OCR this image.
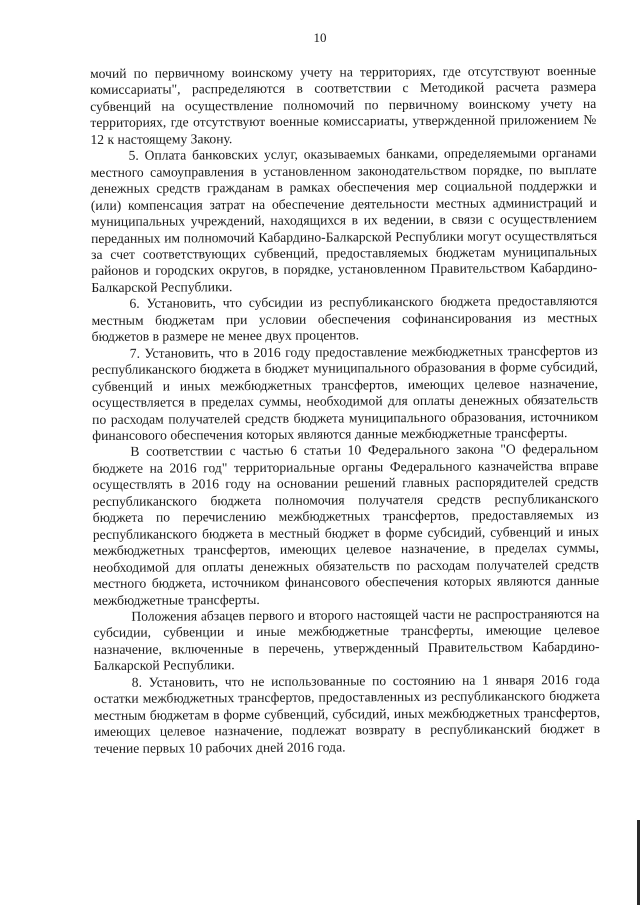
10

мочий по первичному воинскому учету на территориях, где отсутствуют военные комиссариаты", распределяются в соответствии с Методикой расчета размера субвенций на осуществление полномочий по первичному воинскому учету на территориях, где отсутствуют военные комиссариаты, утвержденной приложением № 12 к настоящему Закону.

5. Оплата банковских услуг, оказываемых банками, определяемыми органами местного самоуправления в установленном законодательством порядке, по выплате денежных средств гражданам в рамках обеспечения мер социальной поддержки и (или) компенсация затрат на обеспечение деятельности местных администраций и муниципальных учреждений, находящихся в их ведении, в связи с осуществлением переданных им полномочий Кабардино-Балкарской Республики могут осуществляться за счет соответствующих субвенций, предоставляемых бюджетам муниципальных районов и городских округов, в порядке, установленном Правительством Кабардино-Балкарской Республики.

6. Установить, что субсидии из республиканского бюджета предоставляются местным бюджетам при условии обеспечения софинансирования из местных бюджетов в размере не менее двух процентов.

7. Установить, что в 2016 году предоставление межбюджетных трансфертов из республиканского бюджета в бюджет муниципального образования в форме субсидий, субвенций и иных межбюджетных трансфертов, имеющих целевое назначение, осуществляется в пределах суммы, необходимой для оплаты денежных обязательств по расходам получателей средств бюджета муниципального образования, источником финансового обеспечения которых являются данные межбюджетные трансферты.

В соответствии с частью 6 статьи 10 Федерального закона "О федеральном бюджете на 2016 год" территориальные органы Федерального казначейства вправе осуществлять в 2016 году на основании решений главных распорядителей средств республиканского бюджета полномочия получателя средств республиканского бюджета по перечислению межбюджетных трансфертов, предоставляемых из республиканского бюджета в местный бюджет в форме субсидий, субвенций и иных межбюджетных трансфертов, имеющих целевое назначение, в пределах суммы, необходимой для оплаты денежных обязательств по расходам получателей средств местного бюджета, источником финансового обеспечения которых являются данные межбюджетные трансферты.

Положения абзацев первого и второго настоящей части не распространяются на субсидии, субвенции и иные межбюджетные трансферты, имеющие целевое назначение, включенные в перечень, утвержденный Правительством Кабардино-Балкарской Республики.

8. Установить, что не использованные по состоянию на 1 января 2016 года остатки межбюджетных трансфертов, предоставленных из республиканского бюджета местным бюджетам в форме субвенций, субсидий, иных межбюджетных трансфертов, имеющих целевое назначение, подлежат возврату в республиканский бюджет в течение первых 10 рабочих дней 2016 года.
